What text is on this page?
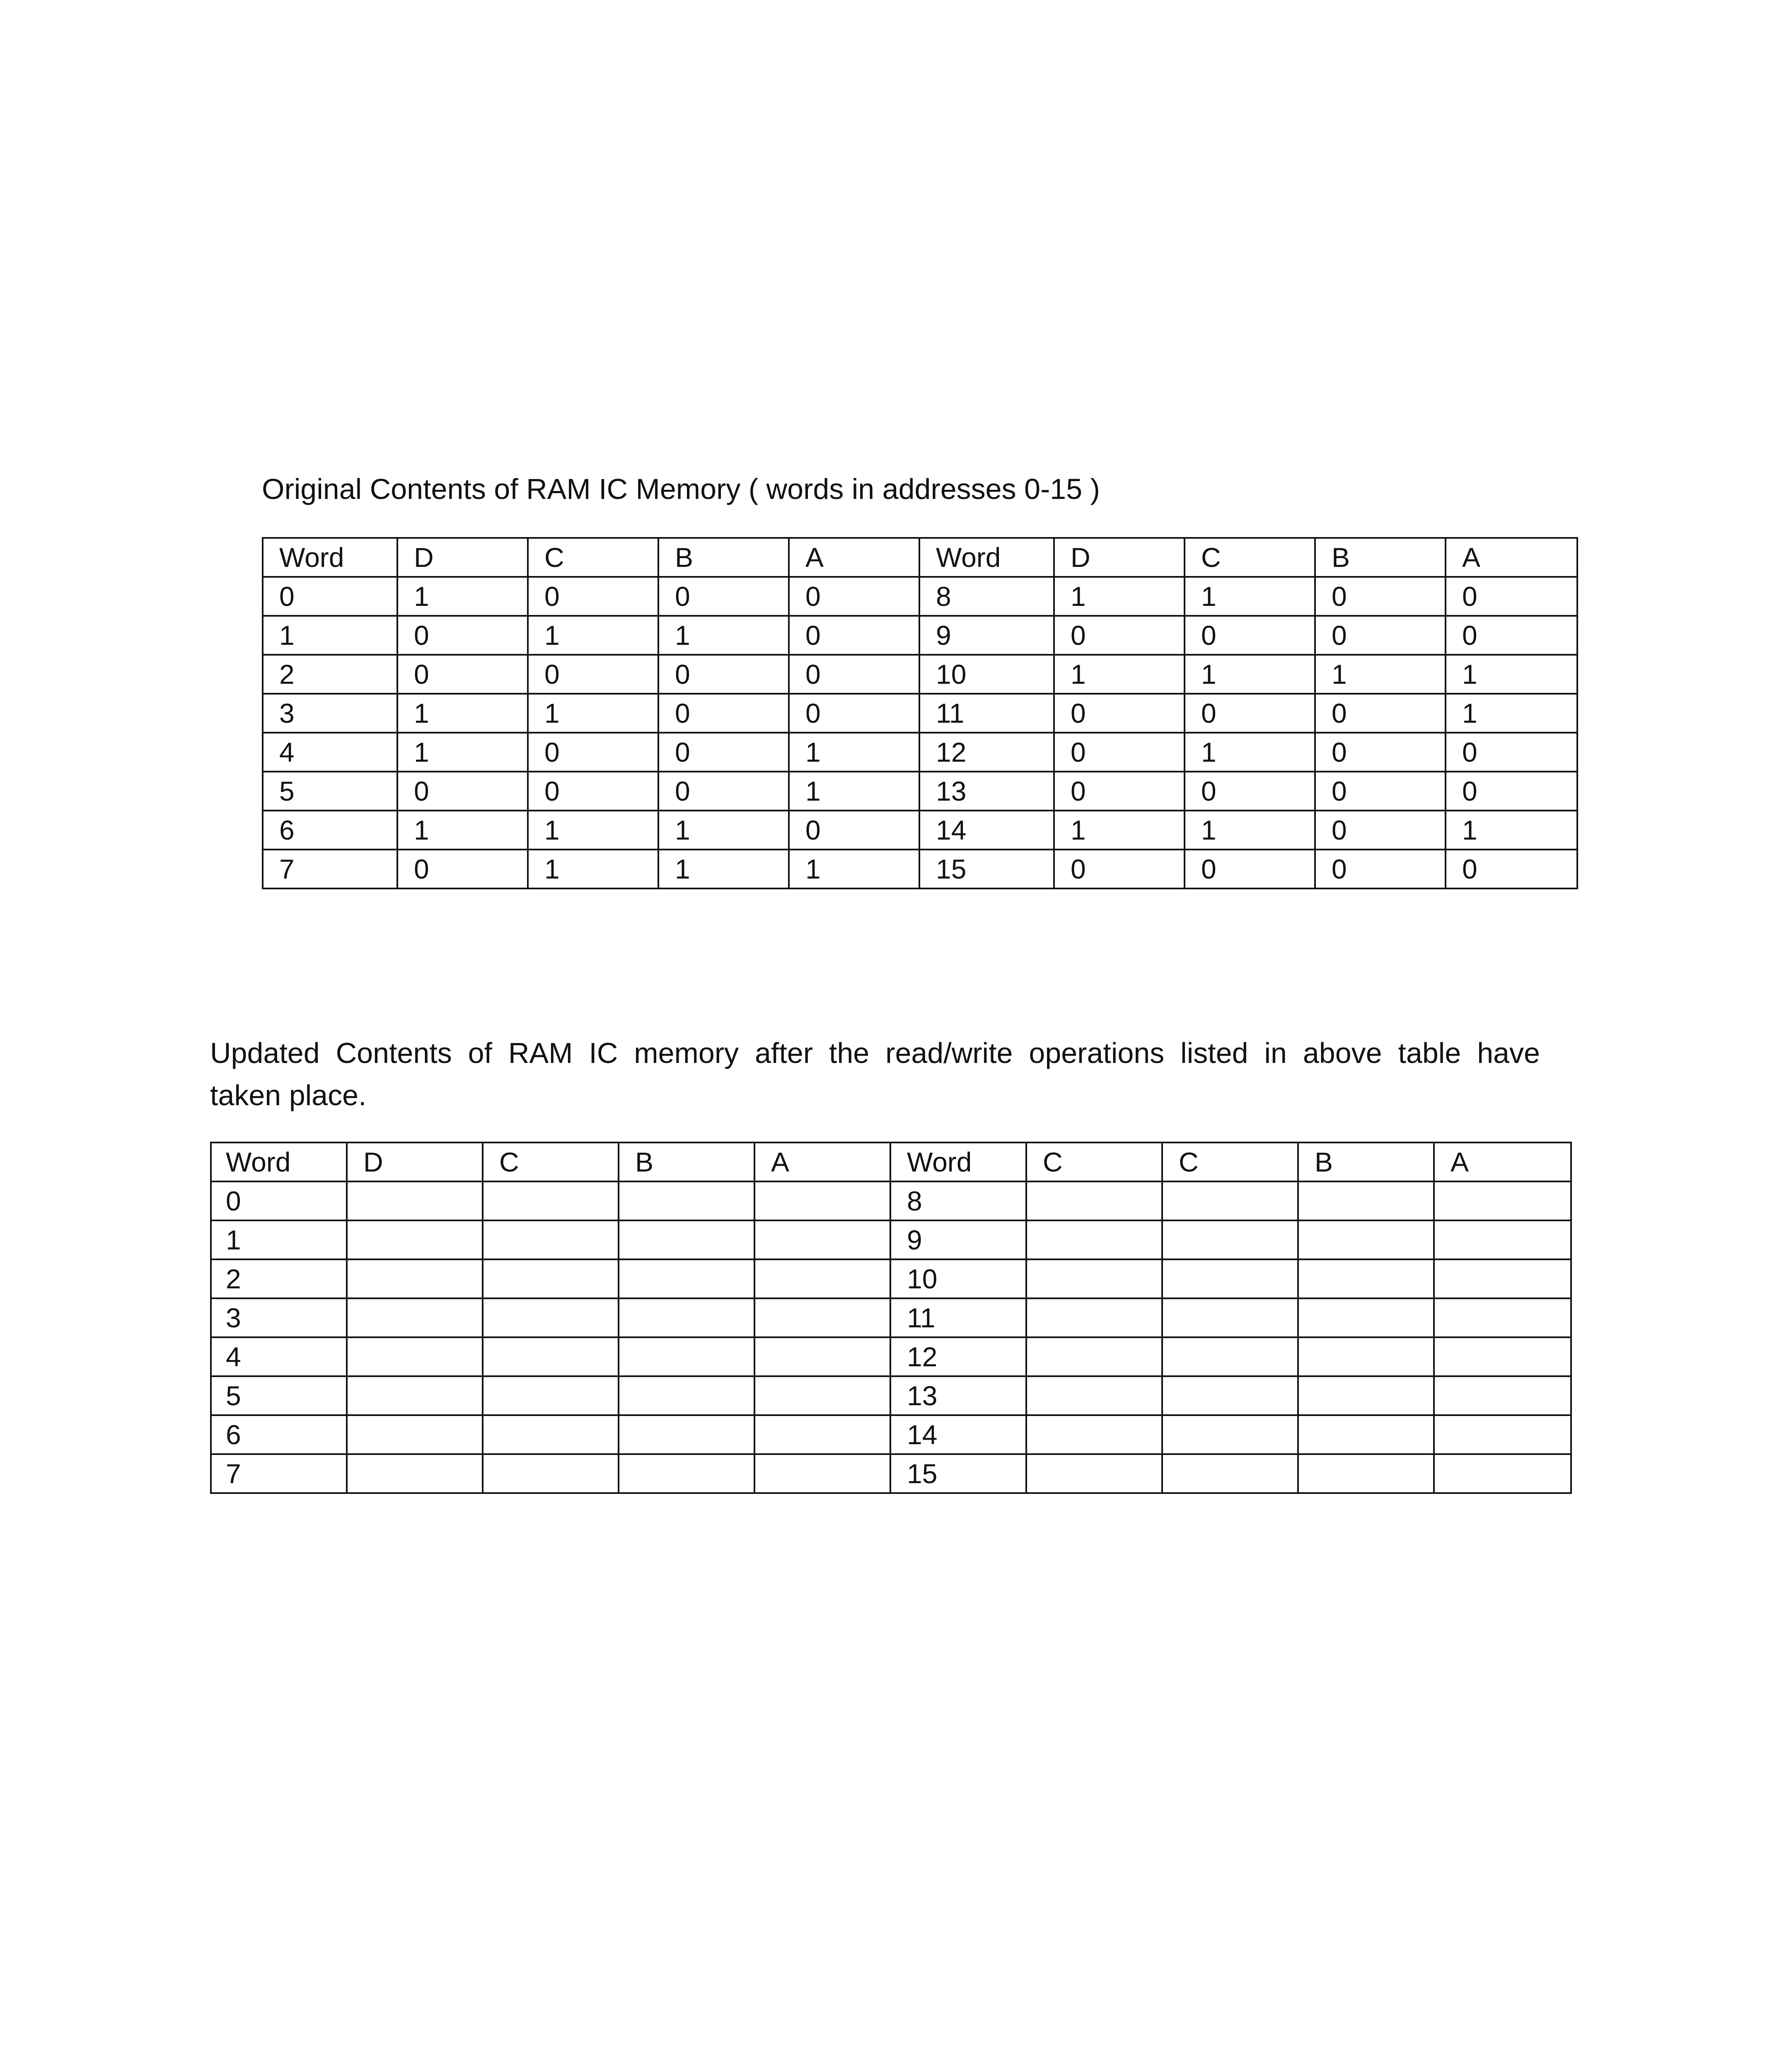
Original Contents of RAM IC Memory ( words in addresses 0-15 )
Word	D	C	B	A	Word	D	C	B	A
0	1	0	0	0	8	1	1	0	0
1	0	1	1	0	9	0	0	0	0
2	0	0	0	0	10	1	1	1	1
3	1	1	0	0	11	0	0	0	1
4	1	0	0	1	12	0	1	0	0
5	0	0	0	1	13	0	0	0	0
6	1	1	1	0	14	1	1	0	1
7	0	1	1	1	15	0	0	0	0
Updated Contents of RAM IC memory after the read/write operations listed in above table have
taken place.
Word	D	C	B	A	Word	C	C	B	A
0					8				
1					9				
2					10				
3					11				
4					12				
5					13				
6					14				
7					15				
